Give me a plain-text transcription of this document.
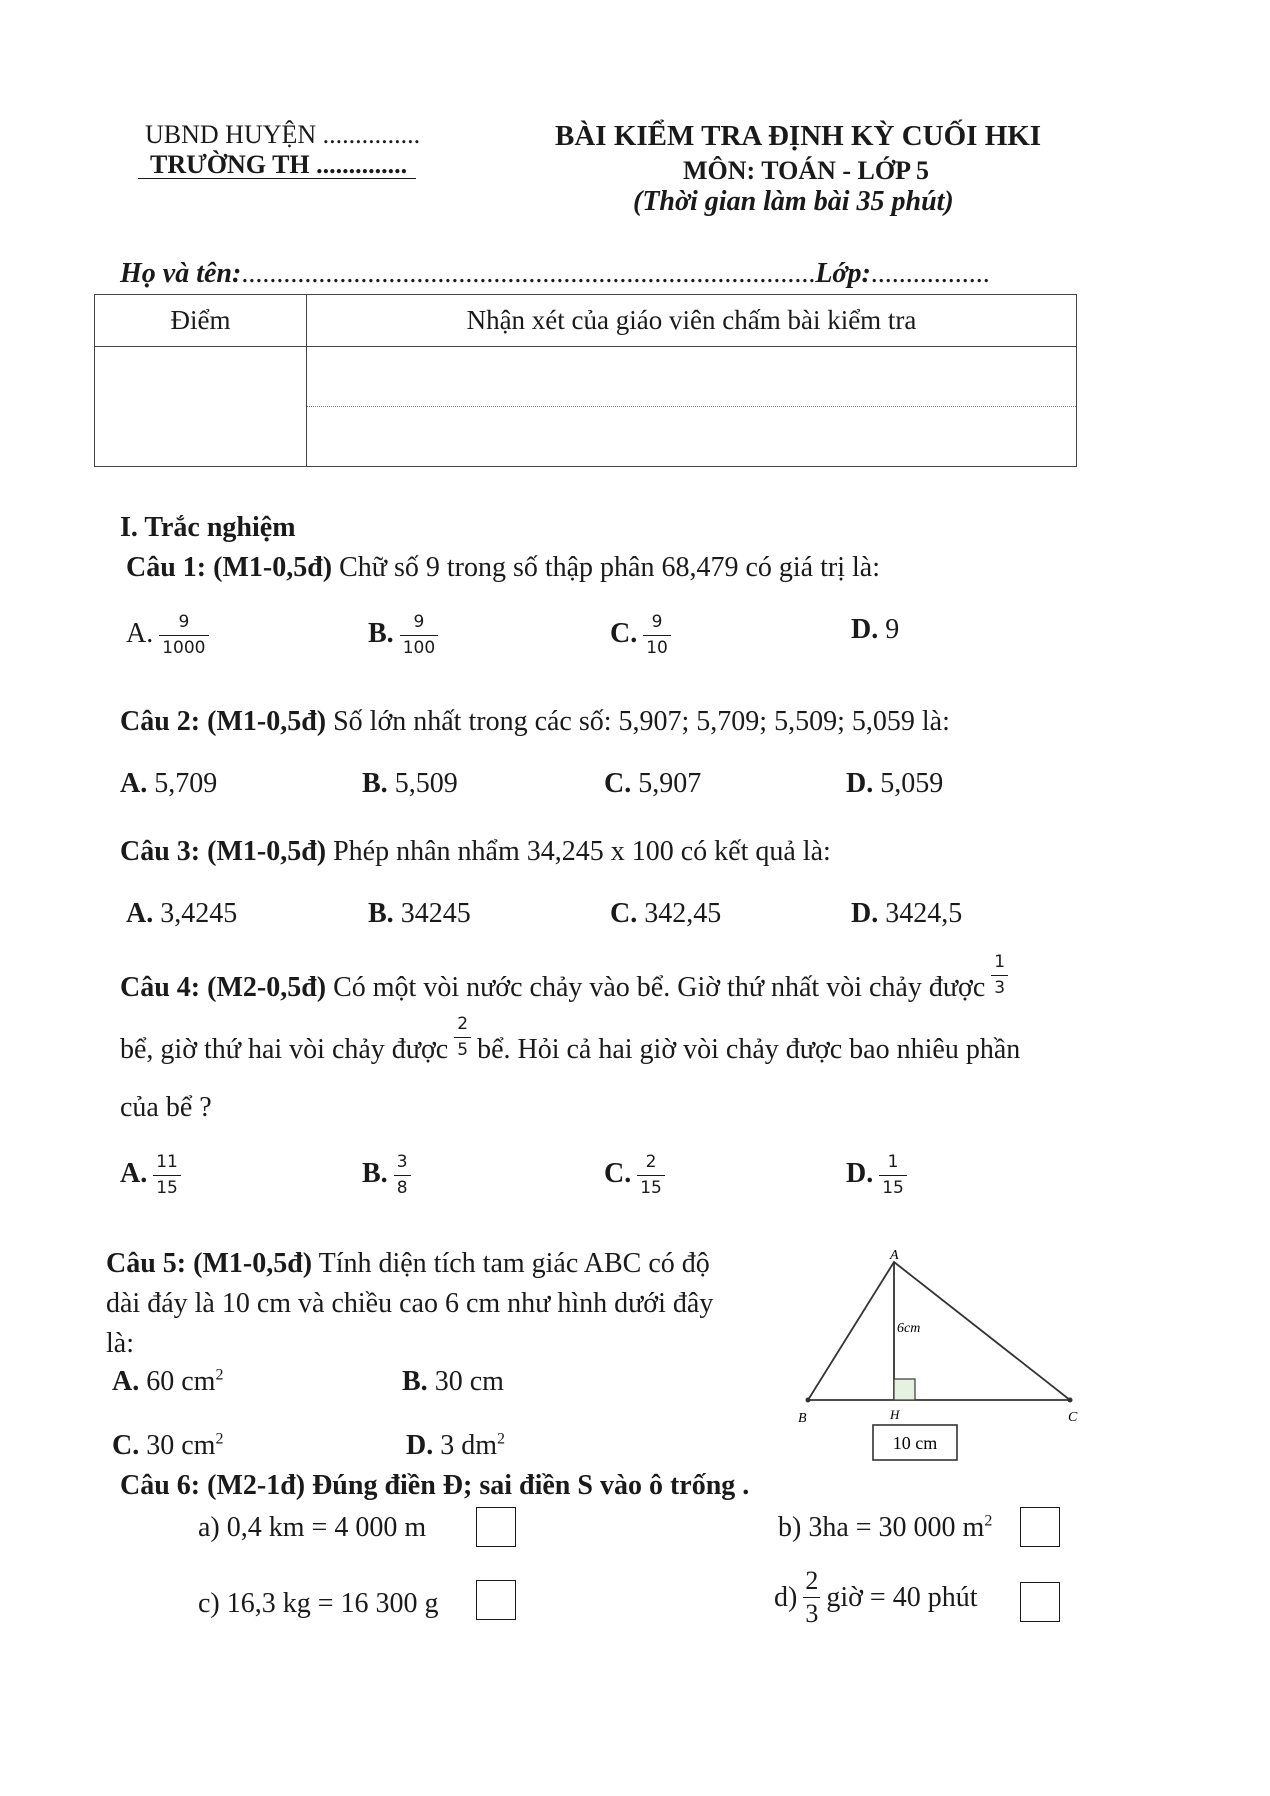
UBND HUYỆN ...............
TRƯỜNG TH ..............
BÀI KIỂM TRA ĐỊNH KỲ CUỐI HKI
MÔN: TOÁN - LỚP 5
(Thời gian làm bài 35 phút)
Họ và tên:..................................................................................Lớp:.................
Điểm	Nhận xét của giáo viên chấm bài kiểm tra

I. Trắc nghiệm
Câu 1: (M1-0,5đ) Chữ số 9 trong số thập phân 68,479 có giá trị là:
A. $\frac{9}{1000}$	B. $\frac{9}{100}$	C. $\frac{9}{10}$	D. 9
Câu 2: (M1-0,5đ) Số lớn nhất trong các số: 5,907; 5,709; 5,509; 5,059 là:
A. 5,709	B. 5,509	C. 5,907	D. 5,059
Câu 3: (M1-0,5đ) Phép nhân nhẩm 34,245 x 100 có kết quả là:
A. 3,4245	B. 34245	C. 342,45	D. 3424,5
Câu 4: (M2-0,5đ) Có một vòi nước chảy vào bể. Giờ thứ nhất vòi chảy được $\frac{1}{3}$
bể, giờ thứ hai vòi chảy được $\frac{2}{5}$ bể. Hỏi cả hai giờ vòi chảy được bao nhiêu phần
của bể ?
A. $\frac{11}{15}$	B. $\frac{3}{8}$	C. $\frac{2}{15}$	D. $\frac{1}{15}$
Câu 5: (M1-0,5đ) Tính diện tích tam giác ABC có độ
dài đáy là 10 cm và chiều cao 6 cm như hình dưới đây
là:
A. 60 $cm^2$	B. 30 cm
C. 30 $cm^2$	D. 3 $dm^2$
A
B	C
H
6cm
10 cm
Câu 6: (M2-1đ) Đúng điền Đ; sai điền S vào ô trống .
a) 0,4 km = 4 000 m	b) 3ha = 30 000 $m^2$
c) 16,3 kg = 16 300 g	$d) \frac{2}{3}$ giờ = 40 phút
